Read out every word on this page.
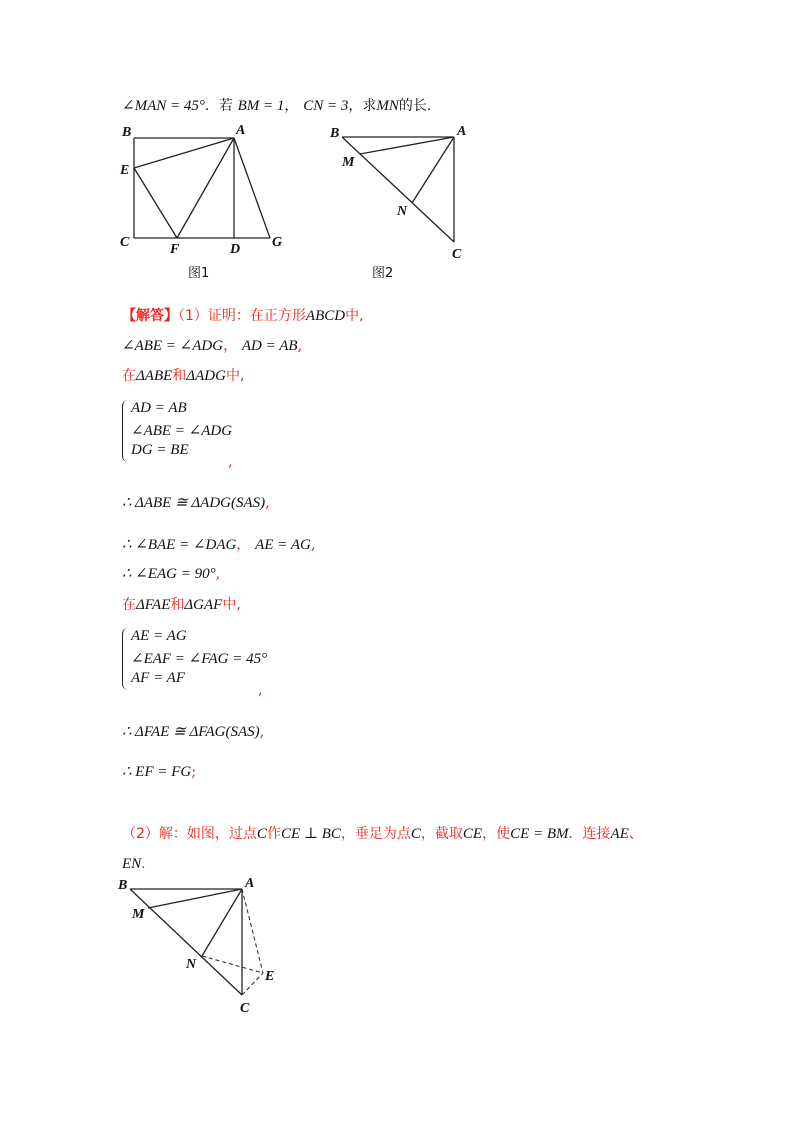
∠MAN = 45°．若 BM = 1， CN = 3，求MN的长.
B	A
E
C	F	D G
图1
B	A
M
N
C
图2
【解答】（1）证明：在正方形ABCD中,
∠ABE = ∠ADG， AD = AB,
在ΔABE和ΔADG中,
AD = AB
∠ABE = ∠ADG
DG = BE
,
∴ ΔABE ≅ ΔADG(SAS),
∴ ∠BAE = ∠DAG， AE = AG,
∴ ∠EAG = 90°,
在ΔFAE和ΔGAF中,
AE = AG
∠EAF = ∠FAG = 45°
AF = AF
,
∴ ΔFAE ≅ ΔFAG(SAS),
∴ EF = FG;
（2）解：如图，过点C作CE ⊥ BC，垂足为点C，截取CE，使CE = BM．连接AE、
EN．
B	A
M
N
E
C
